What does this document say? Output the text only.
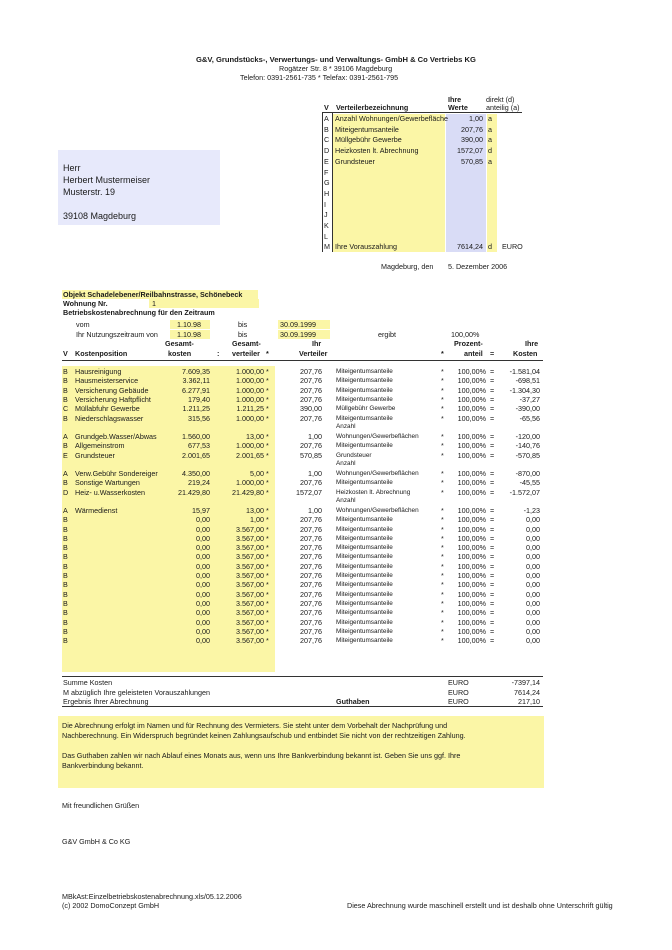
G&V, Grundstücks-, Verwertungs- und Verwaltungs- GmbH & Co Vertriebs KG
Rogätzer Str. 8 * 39106 Magdeburg
Telefon: 0391-2561-735 * Telefax: 0391-2561-795
Ihre
Werte
direkt (d)
anteilig (a)
V Verteilerbezeichnung
A Anzahl Wohnungen/Gewerbefläche	1,00 a
B Miteigentumsanteile	207,76 a
C Müllgebühr Gewerbe	390,00 a
D Heizkosten lt. Abrechnung	1572,07 d
E Grundsteuer	570,85 a
F
G
H
I
J
K
L
M Ihre Vorauszahlung	7614,24 d EURO
Herr
Herbert Mustermeiser
Musterstr. 19
39108 Magdeburg
Magdeburg, den 5. Dezember 2006
Objekt Schadelebener/Reilbahnstrasse, Schönebeck
Wohnung Nr.	1
Betriebskostenabrechnung für den Zeitraum
vom	1.10.98	bis	30.09.1999
Ihr Nutzungszeitraum von	1.10.98	bis	30.09.1999	ergibt	100,00%
Gesamt-
kosten	:
Gesamt-
verteiler *
Ihr
Verteiler
V Kostenposition	*
Prozent-
anteil =
Ihre
Kosten
B Hausreinigung	7.609,35	1.000,00 *	207,76 Miteigentumsanteile	*	100,00% =	-1.581,04
B Hausmeisterservice	3.362,11	1.000,00 *	207,76 Miteigentumsanteile	*	100,00% =	-698,51
B Versicherung Gebäude	6.277,91	1.000,00 *	207,76 Miteigentumsanteile	*	100,00% =	-1.304,30
B Versicherung Haftpflicht	179,40	1.000,00 *	207,76 Miteigentumsanteile	*	100,00% =	-37,27
C Müllabfuhr Gewerbe	1.211,25	1.211,25 *	390,00 Müllgebühr Gewerbe	*	100,00% =	-390,00
B Niederschlagswasser	315,56	1.000,00 *	207,76 Miteigentumsanteile	*	100,00% =	-65,56
Anzahl
A Grundgeb.Wasser/Abwas	1.560,00	13,00 *	1,00 Wohnungen/Gewerbeflächen	*	100,00% =	-120,00
B Allgemeinstrom	677,53	1.000,00 *	207,76 Miteigentumsanteile	*	100,00% =	-140,76
E Grundsteuer	2.001,65	2.001,65 *	570,85 Grundsteuer	*	100,00% =	-570,85
Anzahl
A Verw.Gebühr Sondereiger	4.350,00	5,00 *	1,00 Wohnungen/Gewerbeflächen	*	100,00% =	-870,00
B Sonstige Wartungen	219,24	1.000,00 *	207,76 Miteigentumsanteile	*	100,00% =	-45,55
D Heiz- u.Wasserkosten	21.429,80	21.429,80 *	1572,07 Heizkosten lt. Abrechnung	*	100,00% =	-1.572,07
Anzahl
A Wärmedienst	15,97	13,00 *	1,00 Wohnungen/Gewerbeflächen	*	100,00% =	-1,23
B	0,00	1,00 *	207,76 Miteigentumsanteile	*	100,00% =	0,00
B	0,00	3.567,00 *	207,76 Miteigentumsanteile	*	100,00% =	0,00
B	0,00	3.567,00 *	207,76 Miteigentumsanteile	*	100,00% =	0,00
B	0,00	3.567,00 *	207,76 Miteigentumsanteile	*	100,00% =	0,00
B	0,00	3.567,00 *	207,76 Miteigentumsanteile	*	100,00% =	0,00
B	0,00	3.567,00 *	207,76 Miteigentumsanteile	*	100,00% =	0,00
B	0,00	3.567,00 *	207,76 Miteigentumsanteile	*	100,00% =	0,00
B	0,00	3.567,00 *	207,76 Miteigentumsanteile	*	100,00% =	0,00
B	0,00	3.567,00 *	207,76 Miteigentumsanteile	*	100,00% =	0,00
B	0,00	3.567,00 *	207,76 Miteigentumsanteile	*	100,00% =	0,00
B	0,00	3.567,00 *	207,76 Miteigentumsanteile	*	100,00% =	0,00
B	0,00	3.567,00 *	207,76 Miteigentumsanteile	*	100,00% =	0,00
B	0,00	3.567,00 *	207,76 Miteigentumsanteile	*	100,00% =	0,00
B	0,00	3.567,00 *	207,76 Miteigentumsanteile	*	100,00% =	0,00
Summe Kosten	EURO	-7397,14
M abzüglich Ihre geleisteten Vorauszahlungen	EURO	7614,24
Ergebnis Ihrer Abrechnung	Guthaben	EURO	217,10
Die Abrechnung erfolgt im Namen und für Rechnung des Vermieters. Sie steht unter dem Vorbehalt der Nachprüfung und
Nachberechnung. Ein Widerspruch begründet keinen Zahlungsaufschub und entbindet Sie nicht von der rechtzeitigen Zahlung.
Das Guthaben zahlen wir nach Ablauf eines Monats aus, wenn uns Ihre Bankverbindung bekannt ist. Geben Sie uns ggf. Ihre
Bankverbindung bekannt.
Mit freundlichen Grüßen
G&V GmbH & Co KG
MBkAst:Einzelbetriebskostenabrechnung.xls/05.12.2006
(c) 2002 DomoConzept GmbH	Diese Abrechnung wurde maschinell erstellt und ist deshalb ohne Unterschrift gültig
